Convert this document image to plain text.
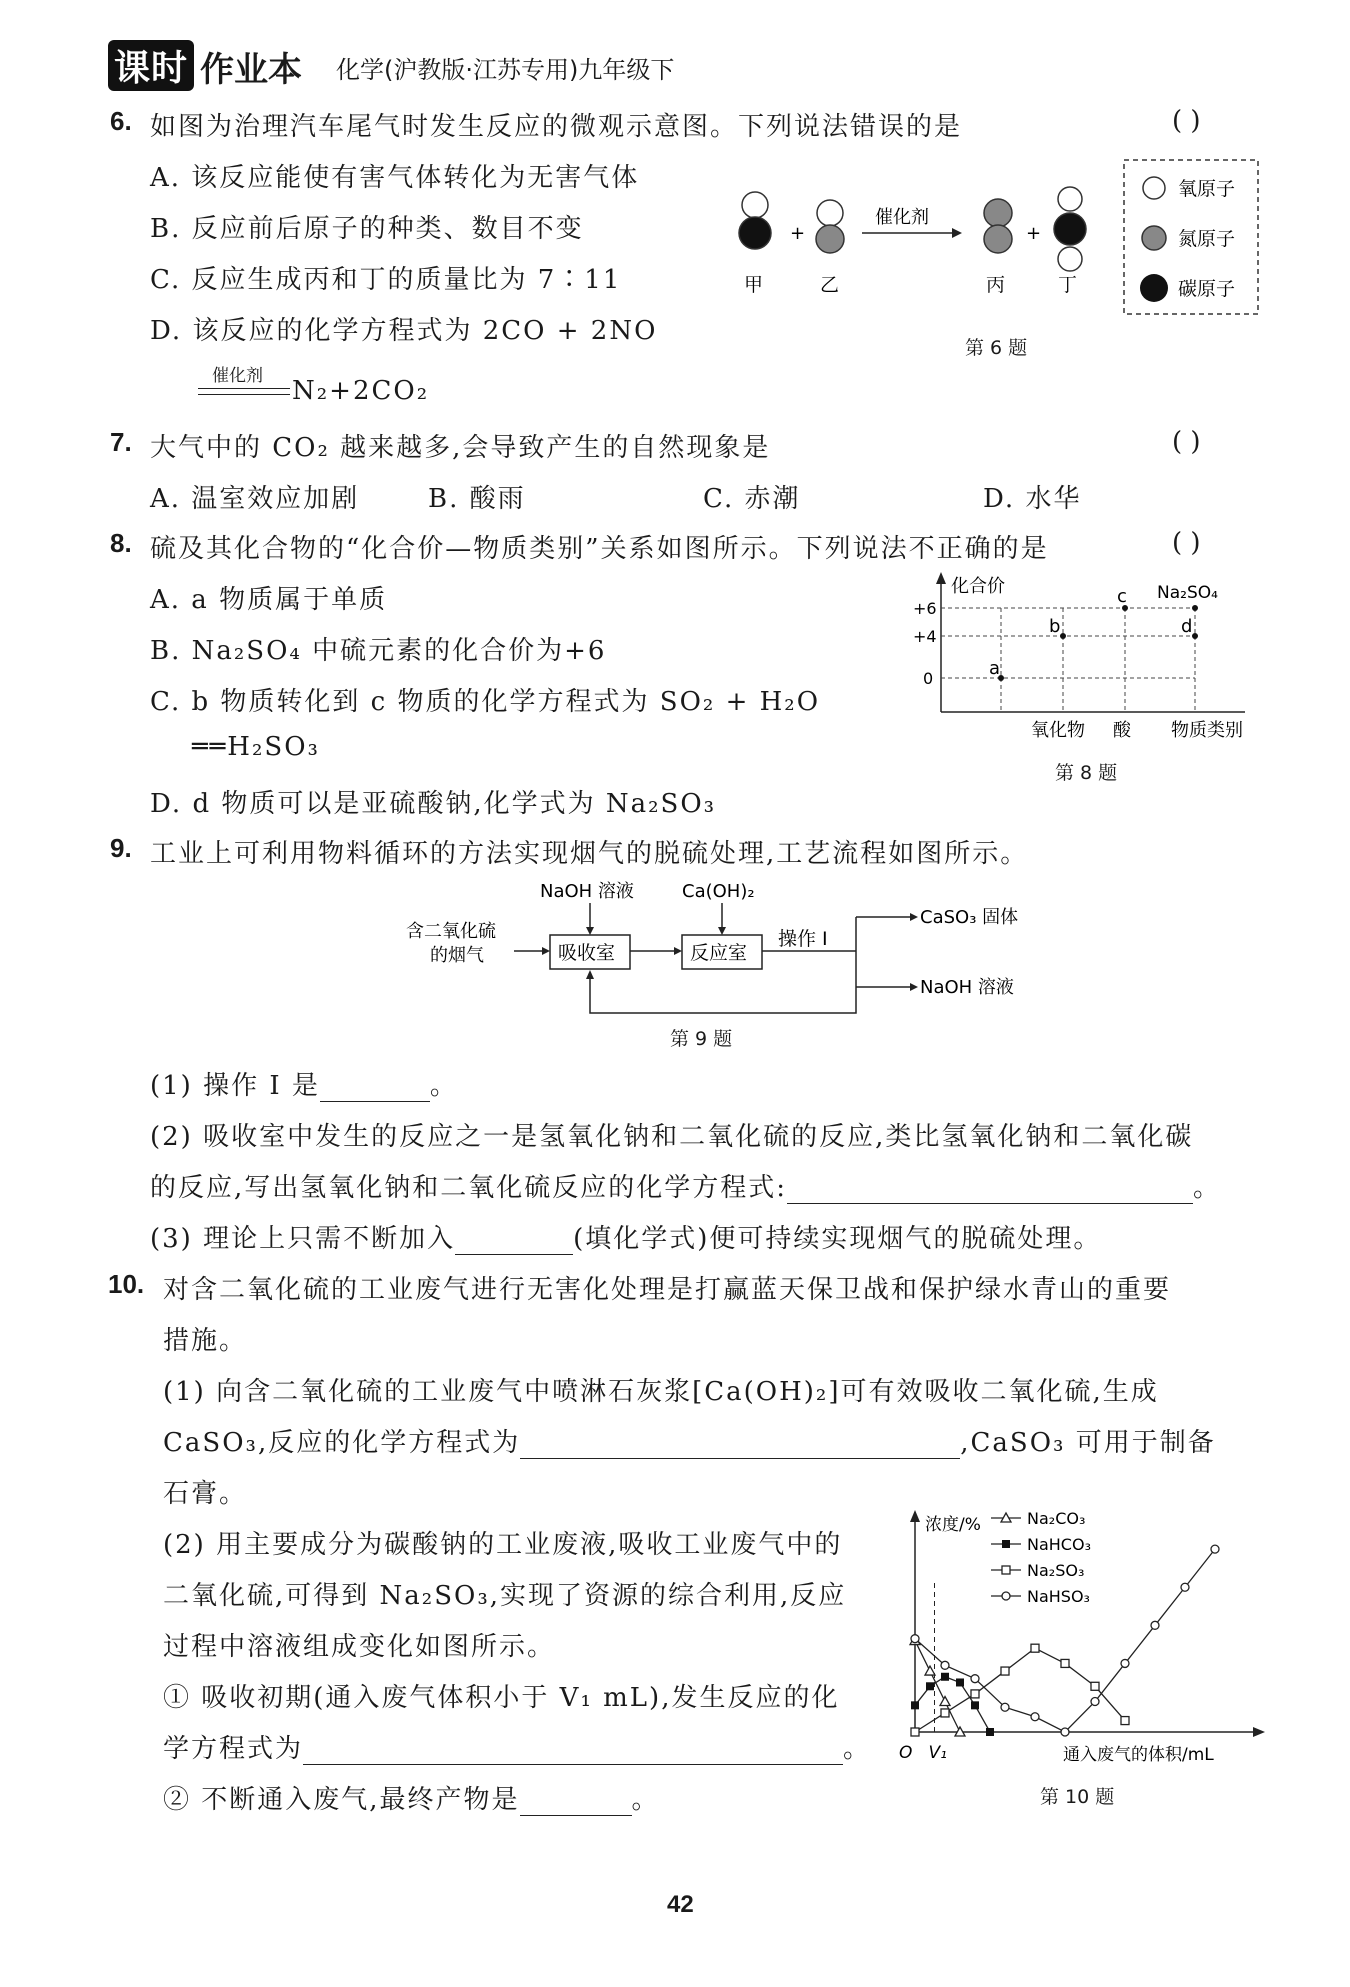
课时 作业本 化学(沪教版·江苏专用)九年级下
6. 如图为治理汽车尾气时发生反应的微观示意图。下列说法错误的是	( )
A. 该反应能使有害气体转化为无害气体
B. 反应前后原子的种类、数目不变
C. 反应生成丙和丁的质量比为 7∶11
D. 该反应的化学方程式为 2CO + 2NO
催化剂 N₂+2CO₂
+	+
催化剂
甲	乙	丙	丁
氧原子
氮原子
碳原子
第 6 题
7. 大气中的 CO₂ 越来越多,会导致产生的自然现象是	( )
A. 温室效应加剧	B. 酸雨	C. 赤潮	D. 水华
8. 硫及其化合物的“化合价—物质类别”关系如图所示。下列说法不正确的是	( )
A. a 物质属于单质
B. Na₂SO₄ 中硫元素的化合价为+6
C. b 物质转化到 c 物质的化学方程式为 SO₂ + H₂O
══H₂SO₃
D. d 物质可以是亚硫酸钠,化学式为 Na₂SO₃
化合价
+6
+4
0	a
b
c
d
Na₂SO₄
氧化物 酸 物质类别
第 8 题
9. 工业上可利用物料循环的方法实现烟气的脱硫处理,工艺流程如图所示。
NaOH 溶液	Ca(OH)₂
含二氧化硫
的烟气	吸收室	反应室
操作 I
CaSO₃ 固体
NaOH 溶液
第 9 题
(1) 操作 I 是	。
(2) 吸收室中发生的反应之一是氢氧化钠和二氧化硫的反应,类比氢氧化钠和二氧化碳
的反应,写出氢氧化钠和二氧化硫反应的化学方程式:	。
(3) 理论上只需不断加入	(填化学式)便可持续实现烟气的脱硫处理。
10. 对含二氧化硫的工业废气进行无害化处理是打赢蓝天保卫战和保护绿水青山的重要
措施。
(1) 向含二氧化硫的工业废气中喷淋石灰浆[Ca(OH)₂]可有效吸收二氧化硫,生成
CaSO₃,反应的化学方程式为	,CaSO₃ 可用于制备
石膏。
(2) 用主要成分为碳酸钠的工业废液,吸收工业废气中的
二氧化硫,可得到 Na₂SO₃,实现了资源的综合利用,反应
过程中溶液组成变化如图所示。
① 吸收初期(通入废气体积小于 V₁ mL),发生反应的化
学方程式为	。
② 不断通入废气,最终产物是	。
浓度/%
通入废气的体积/mL
O V₁
Na₂CO₃
NaHCO₃
Na₂SO₃
NaHSO₃
第 10 题
42
